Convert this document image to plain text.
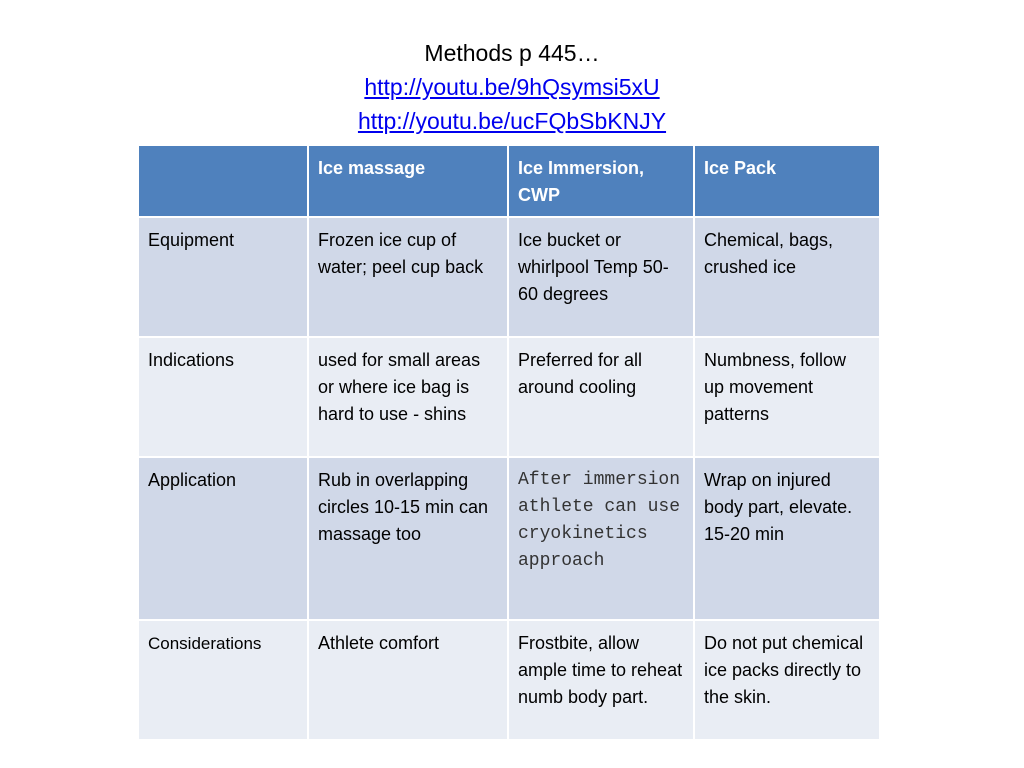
Methods p 445…
http://youtu.be/9hQsymsi5xU
http://youtu.be/ucFQbSbKNJY
	Ice massage	Ice Immersion, CWP	Ice Pack
Equipment	Frozen ice cup of water; peel cup back	Ice bucket or whirlpool Temp 50-60 degrees	Chemical, bags, crushed ice
Indications	used for small areas or where ice bag is hard to use - shins	Preferred for all around cooling	Numbness, follow up movement patterns
Application	Rub in overlapping circles 10-15 min can massage too	After immersion athlete can use cryokinetics approach	Wrap on injured body part, elevate. 15-20 min
Considerations	Athlete comfort	Frostbite, allow ample time to reheat numb body part.	Do not put chemical ice packs directly to the skin.
